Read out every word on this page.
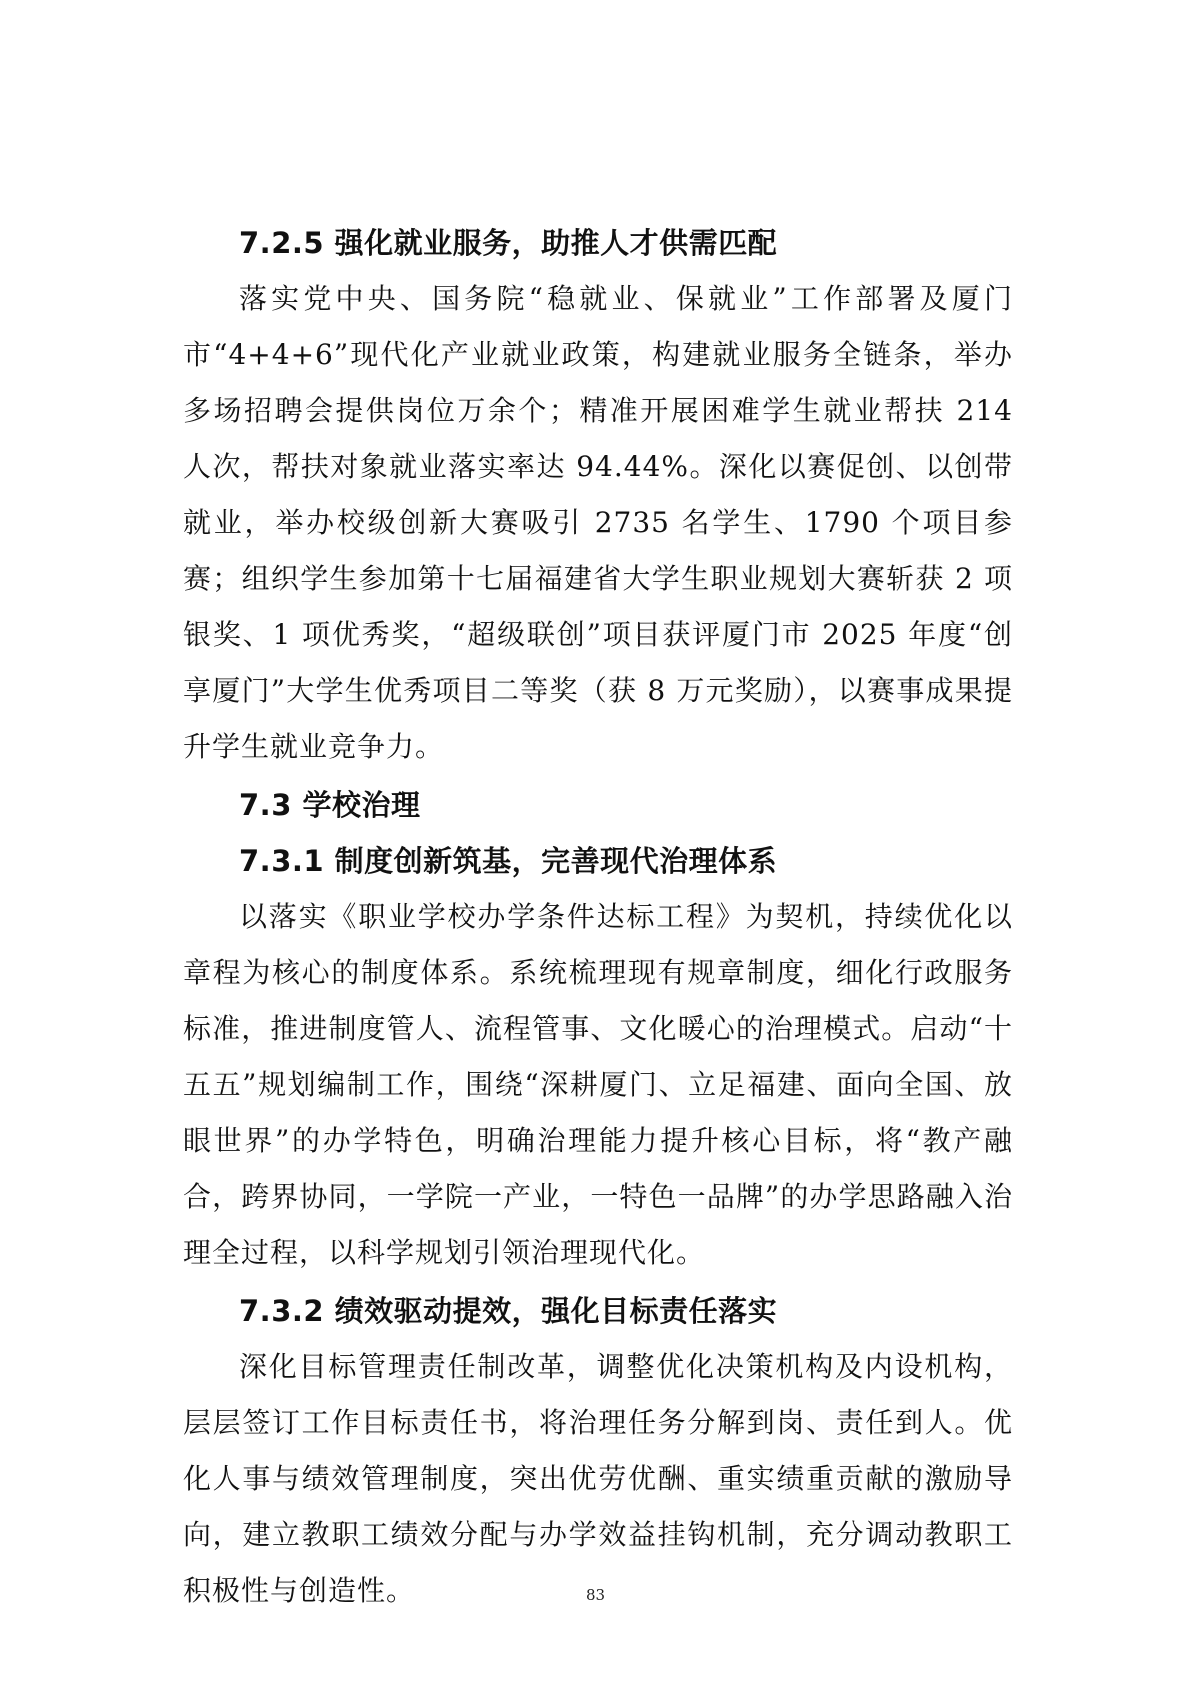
7.2.5 强化就业服务，助推人才供需匹配

落实党中央、国务院“稳就业、保就业”工作部署及厦门市“4+4+6”现代化产业就业政策，构建就业服务全链条，举办多场招聘会提供岗位万余个；精准开展困难学生就业帮扶 214 人次，帮扶对象就业落实率达 94.44%。深化以赛促创、以创带就业，举办校级创新大赛吸引 2735 名学生、1790 个项目参赛；组织学生参加第十七届福建省大学生职业规划大赛斩获 2 项银奖、1 项优秀奖，“超级联创”项目获评厦门市 2025 年度“创享厦门”大学生优秀项目二等奖（获 8 万元奖励），以赛事成果提升学生就业竞争力。

7.3 学校治理
7.3.1 制度创新筑基，完善现代治理体系

以落实《职业学校办学条件达标工程》为契机，持续优化以章程为核心的制度体系。系统梳理现有规章制度，细化行政服务标准，推进制度管人、流程管事、文化暖心的治理模式。启动“十五五”规划编制工作，围绕“深耕厦门、立足福建、面向全国、放眼世界”的办学特色，明确治理能力提升核心目标，将“教产融合，跨界协同，一学院一产业，一特色一品牌”的办学思路融入治理全过程，以科学规划引领治理现代化。

7.3.2 绩效驱动提效，强化目标责任落实

深化目标管理责任制改革，调整优化决策机构及内设机构，层层签订工作目标责任书，将治理任务分解到岗、责任到人。优化人事与绩效管理制度，突出优劳优酬、重实绩重贡献的激励导向，建立教职工绩效分配与办学效益挂钩机制，充分调动教职工积极性与创造性。	83
